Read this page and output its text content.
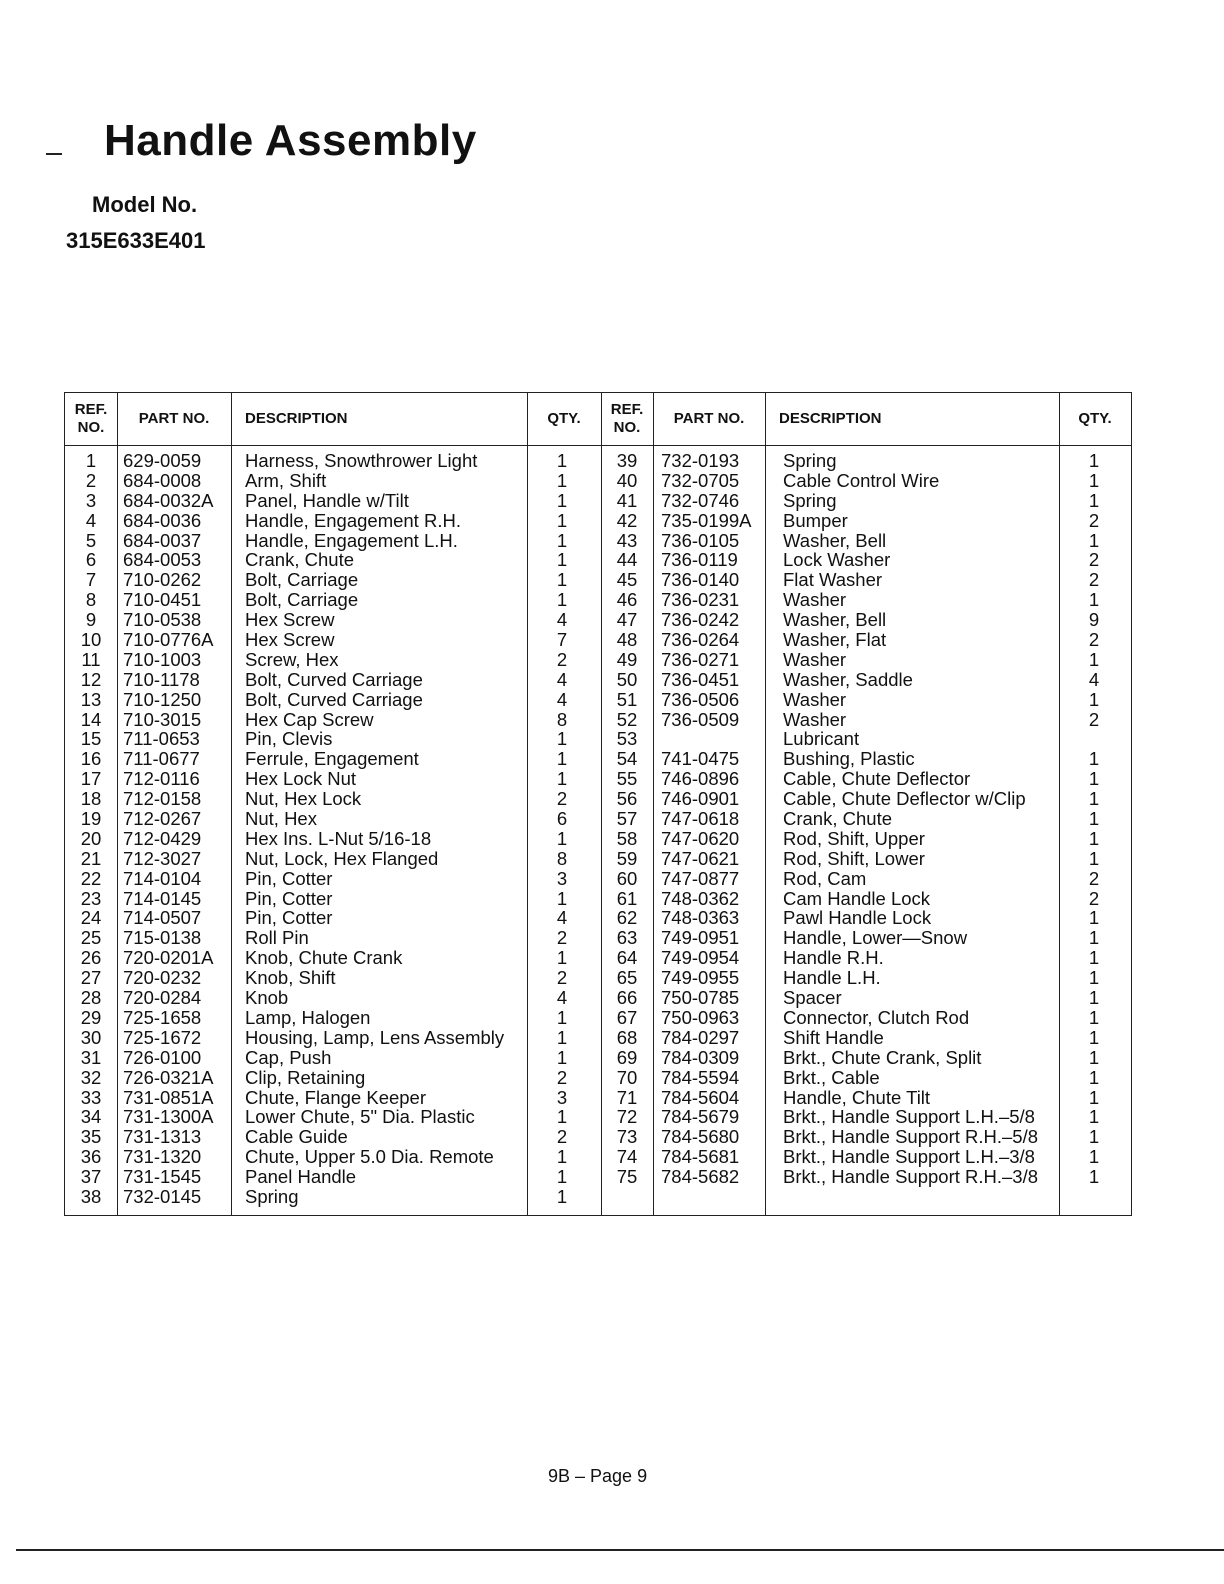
Handle Assembly
Model No.
315E633E401
REF. NO.
PART NO.	DESCRIPTION	QTY.
REF. NO.
PART NO.	DESCRIPTION	QTY.
1	629-0059 Harness, Snowthrower Light	1
2	684-0008 Arm, Shift	1
3	684-0032A Panel, Handle w/Tilt	1
4	684-0036 Handle, Engagement R.H.	1
5	684-0037 Handle, Engagement L.H.	1
6	684-0053 Crank, Chute	1
7	710-0262 Bolt, Carriage	1
8	710-0451 Bolt, Carriage	1
9	710-0538 Hex Screw	4
10	710-0776A Hex Screw	7
11	710-1003 Screw, Hex	2
12	710-1178 Bolt, Curved Carriage	4
13	710-1250 Bolt, Curved Carriage	4
14	710-3015 Hex Cap Screw	8
15	711-0653 Pin, Clevis	1
16	711-0677 Ferrule, Engagement	1
17	712-0116 Hex Lock Nut	1
18	712-0158 Nut, Hex Lock	2
19	712-0267 Nut, Hex	6
20	712-0429 Hex Ins. L-Nut 5/16-18	1
21	712-3027 Nut, Lock, Hex Flanged	8
22	714-0104 Pin, Cotter	3
23	714-0145 Pin, Cotter	1
24	714-0507 Pin, Cotter	4
25	715-0138 Roll Pin	2
26	720-0201A Knob, Chute Crank	1
27	720-0232 Knob, Shift	2
28	720-0284 Knob	4
29	725-1658 Lamp, Halogen	1
30	725-1672 Housing, Lamp, Lens Assembly	1
31	726-0100 Cap, Push	1
32	726-0321A Clip, Retaining	2
33	731-0851A Chute, Flange Keeper	3
34	731-1300A Lower Chute, 5" Dia. Plastic	1
35	731-1313 Cable Guide	2
36	731-1320 Chute, Upper 5.0 Dia. Remote	1
37	731-1545 Panel Handle	1
38	732-0145 Spring	1
39	732-0193 Spring	1
40	732-0705 Cable Control Wire	1
41	732-0746 Spring	1
42	735-0199A Bumper	2
43	736-0105 Washer, Bell	1
44	736-0119 Lock Washer	2
45	736-0140 Flat Washer	2
46	736-0231 Washer	1
47	736-0242 Washer, Bell	9
48	736-0264 Washer, Flat	2
49	736-0271 Washer	1
50	736-0451 Washer, Saddle	4
51	736-0506 Washer	1
52	736-0509 Washer	2
53	Lubricant
54	741-0475 Bushing, Plastic	1
55	746-0896 Cable, Chute Deflector	1
56	746-0901 Cable, Chute Deflector w/Clip	1
57	747-0618 Crank, Chute	1
58	747-0620 Rod, Shift, Upper	1
59	747-0621 Rod, Shift, Lower	1
60	747-0877 Rod, Cam	2
61	748-0362 Cam Handle Lock	2
62	748-0363 Pawl Handle Lock	1
63	749-0951 Handle, Lower—Snow	1
64	749-0954 Handle R.H.	1
65	749-0955 Handle L.H.	1
66	750-0785 Spacer	1
67	750-0963 Connector, Clutch Rod	1
68	784-0297 Shift Handle	1
69	784-0309 Brkt., Chute Crank, Split	1
70	784-5594 Brkt., Cable	1
71	784-5604 Handle, Chute Tilt	1
72	784-5679 Brkt., Handle Support L.H.–5/8	1
73	784-5680 Brkt., Handle Support R.H.–5/8	1
74	784-5681 Brkt., Handle Support L.H.–3/8	1
75	784-5682 Brkt., Handle Support R.H.–3/8	1
9B – Page 9
